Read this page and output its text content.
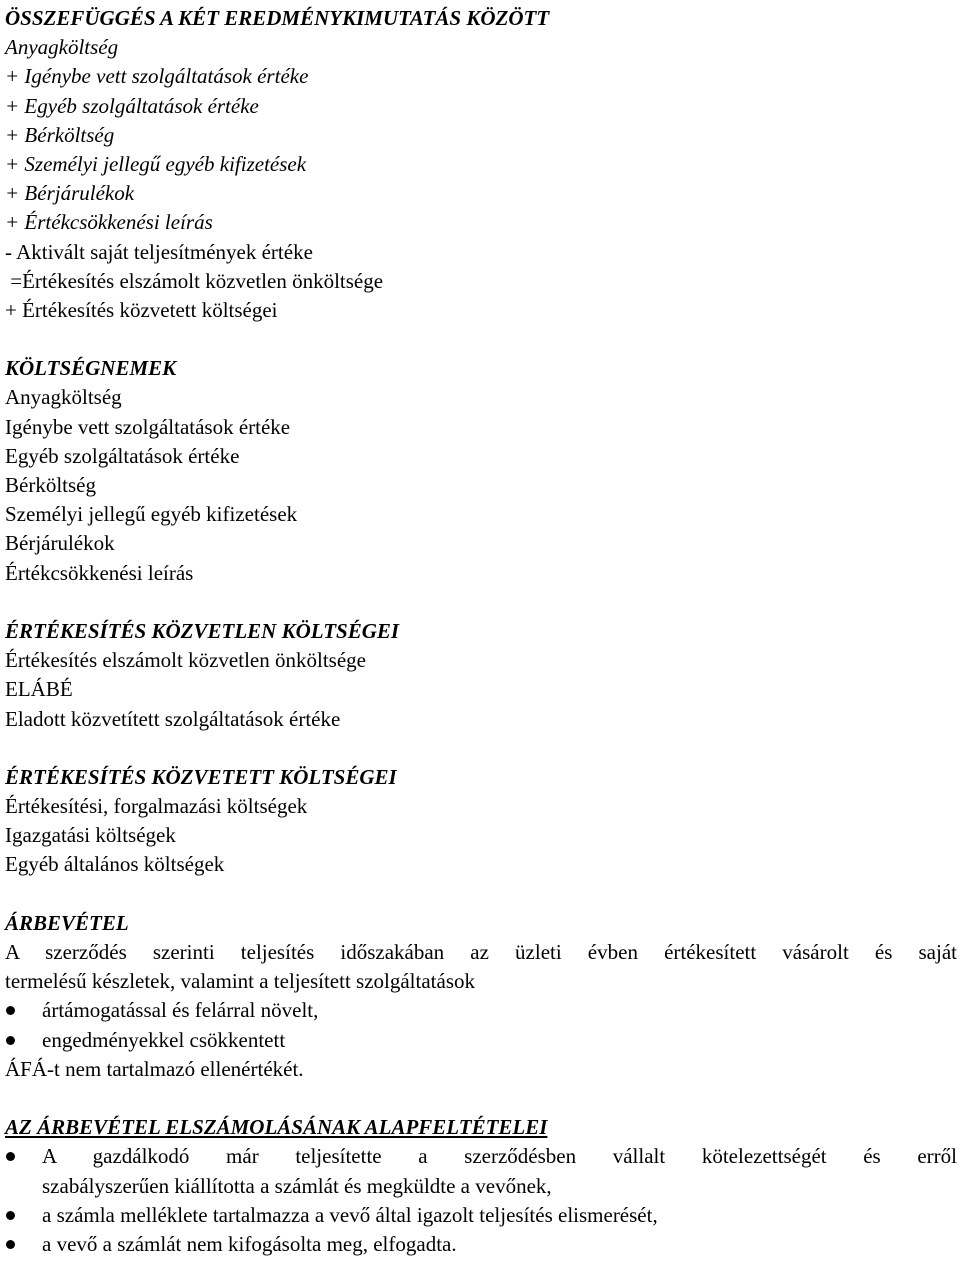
ÖSSZEFÜGGÉS A KÉT EREDMÉNYKIMUTATÁS KÖZÖTT
Anyagköltség
+ Igénybe vett szolgáltatások értéke
+ Egyéb szolgáltatások értéke
+ Bérköltség
+ Személyi jellegű egyéb kifizetések
+ Bérjárulékok
+ Értékcsökkenési leírás
- Aktivált saját teljesítmények értéke
=Értékesítés elszámolt közvetlen önköltsége
+ Értékesítés közvetett költségei
KÖLTSÉGNEMEK
Anyagköltség
Igénybe vett szolgáltatások értéke
Egyéb szolgáltatások értéke
Bérköltség
Személyi jellegű egyéb kifizetések
Bérjárulékok
Értékcsökkenési leírás
ÉRTÉKESÍTÉS KÖZVETLEN KÖLTSÉGEI
Értékesítés elszámolt közvetlen önköltsége
ELÁBÉ
Eladott közvetített szolgáltatások értéke
ÉRTÉKESÍTÉS KÖZVETETT KÖLTSÉGEI
Értékesítési, forgalmazási költségek
Igazgatási költségek
Egyéb általános költségek
ÁRBEVÉTEL
A szerződés szerinti teljesítés időszakában az üzleti évben értékesített vásárolt és saját
termelésű készletek, valamint a teljesített szolgáltatások
ártámogatással és felárral növelt,
engedményekkel csökkentett
ÁFÁ-t nem tartalmazó ellenértékét.
AZ ÁRBEVÉTEL ELSZÁMOLÁSÁNAK ALAPFELTÉTELEI
A gazdálkodó már teljesítette a szerződésben vállalt kötelezettségét és erről
szabályszerűen kiállította a számlát és megküldte a vevőnek,
a számla melléklete tartalmazza a vevő által igazolt teljesítés elismerését,
a vevő a számlát nem kifogásolta meg, elfogadta.
